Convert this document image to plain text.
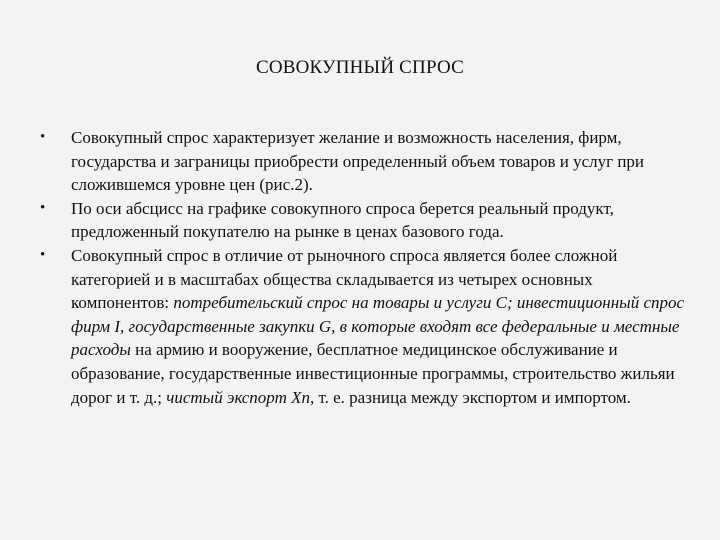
СОВОКУПНЫЙ СПРОС
• Совокупный спрос характеризует желание и возможность населения, фирм, государства и заграницы приобрести определенный объем товаров и услуг при сложившемся уровне цен (рис.2).
• По оси абсцисс на графике совокупного спроса берется реальный продукт, предложенный покупателю на рынке в ценах базового года.
• Совокупный спрос в отличие от рыночного спроса является более сложной категорией и в масштабах общества складывается из четырех основных компонентов: потребительский спрос на товары и услуги C; инвестиционный спрос фирм I, государственные закупки G, в которые входят все федеральные и местные расходы на армию и вооружение, бесплатное медицинское обслуживание и образование, государственные инвестиционные программы, строительство жильяи дорог и т. д.; чистый экспорт Xn, т. е. разница между экспортом и импортом.
